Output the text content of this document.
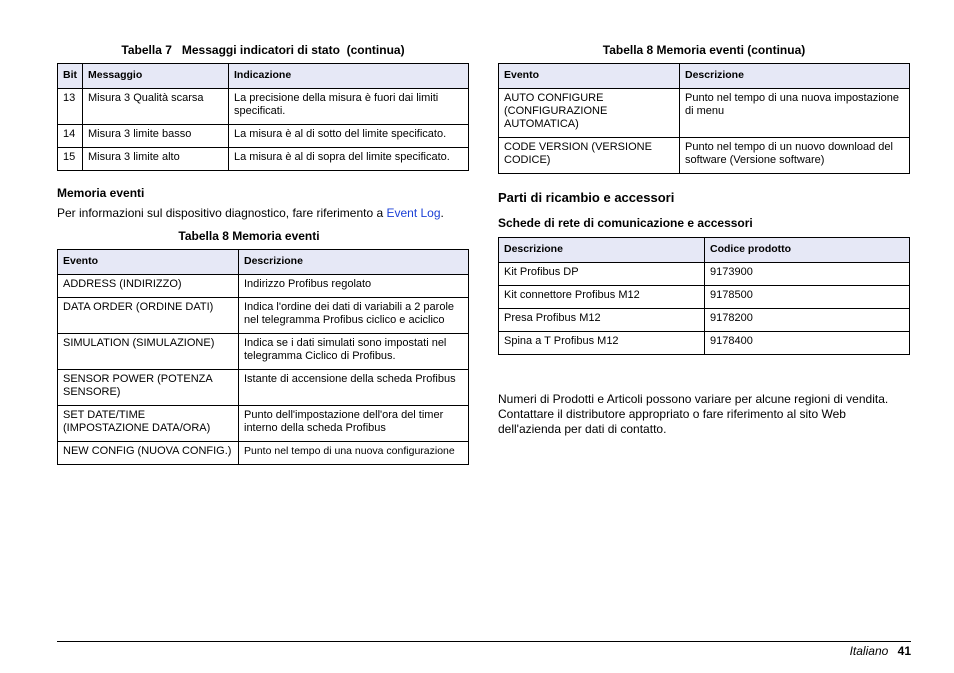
Tabella 7   Messaggi indicatori di stato  (continua)
Bit	Messaggio	Indicazione
13	Misura 3 Qualità scarsa	La precisione della misura è fuori dai limiti specificati.
14	Misura 3 limite basso	La misura è al di sotto del limite specificato.
15	Misura 3 limite alto	La misura è al di sopra del limite specificato.
Memoria eventi
Per informazioni sul dispositivo diagnostico, fare riferimento a Event Log.
Tabella 8 Memoria eventi
Evento	Descrizione
ADDRESS (INDIRIZZO)	Indirizzo Profibus regolato
DATA ORDER (ORDINE DATI)	Indica l'ordine dei dati di variabili a 2 parole nel telegramma Profibus ciclico e aciclico
SIMULATION (SIMULAZIONE)	Indica se i dati simulati sono impostati nel telegramma Ciclico di Profibus.
SENSOR POWER (POTENZA SENSORE)	Istante di accensione della scheda Profibus
SET DATE/TIME (IMPOSTAZIONE DATA/ORA)	Punto dell'impostazione dell'ora del timer interno della scheda Profibus
NEW CONFIG (NUOVA CONFIG.)	Punto nel tempo di una nuova configurazione
Tabella 8 Memoria eventi (continua)
Evento	Descrizione
AUTO CONFIGURE (CONFIGURAZIONE AUTOMATICA)	Punto nel tempo di una nuova impostazione di menu
CODE VERSION (VERSIONE CODICE)	Punto nel tempo di un nuovo download del software (Versione software)
Parti di ricambio e accessori
Schede di rete di comunicazione e accessori
Descrizione	Codice prodotto
Kit Profibus DP	9173900
Kit connettore Profibus M12	9178500
Presa Profibus M12	9178200
Spina a T Profibus M12	9178400
Numeri di Prodotti e Articoli possono variare per alcune regioni di vendita. Contattare il distributore appropriato o fare riferimento al sito Web dell'azienda per dati di contatto.
Italiano 41
